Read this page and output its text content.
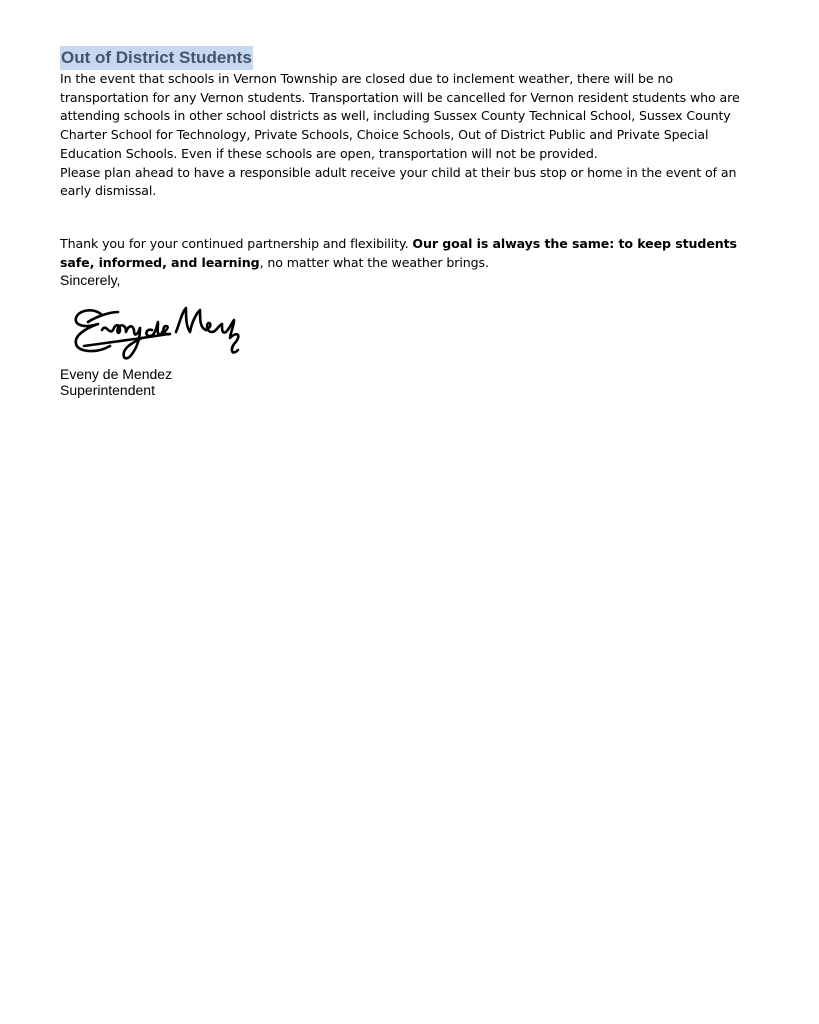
Out of District Students

In the event that schools in Vernon Township are closed due to inclement weather, there will be no transportation for any Vernon students. Transportation will be cancelled for Vernon resident students who are attending schools in other school districts as well, including Sussex County Technical School, Sussex County Charter School for Technology, Private Schools, Choice Schools, Out of District Public and Private Special Education Schools. Even if these schools are open, transportation will not be provided.

Please plan ahead to have a responsible adult receive your child at their bus stop or home in the event of an early dismissal.

Thank you for your continued partnership and flexibility. Our goal is always the same: to keep students safe, informed, and learning, no matter what the weather brings.

Sincerely,

Eveny de Mendez

Superintendent
